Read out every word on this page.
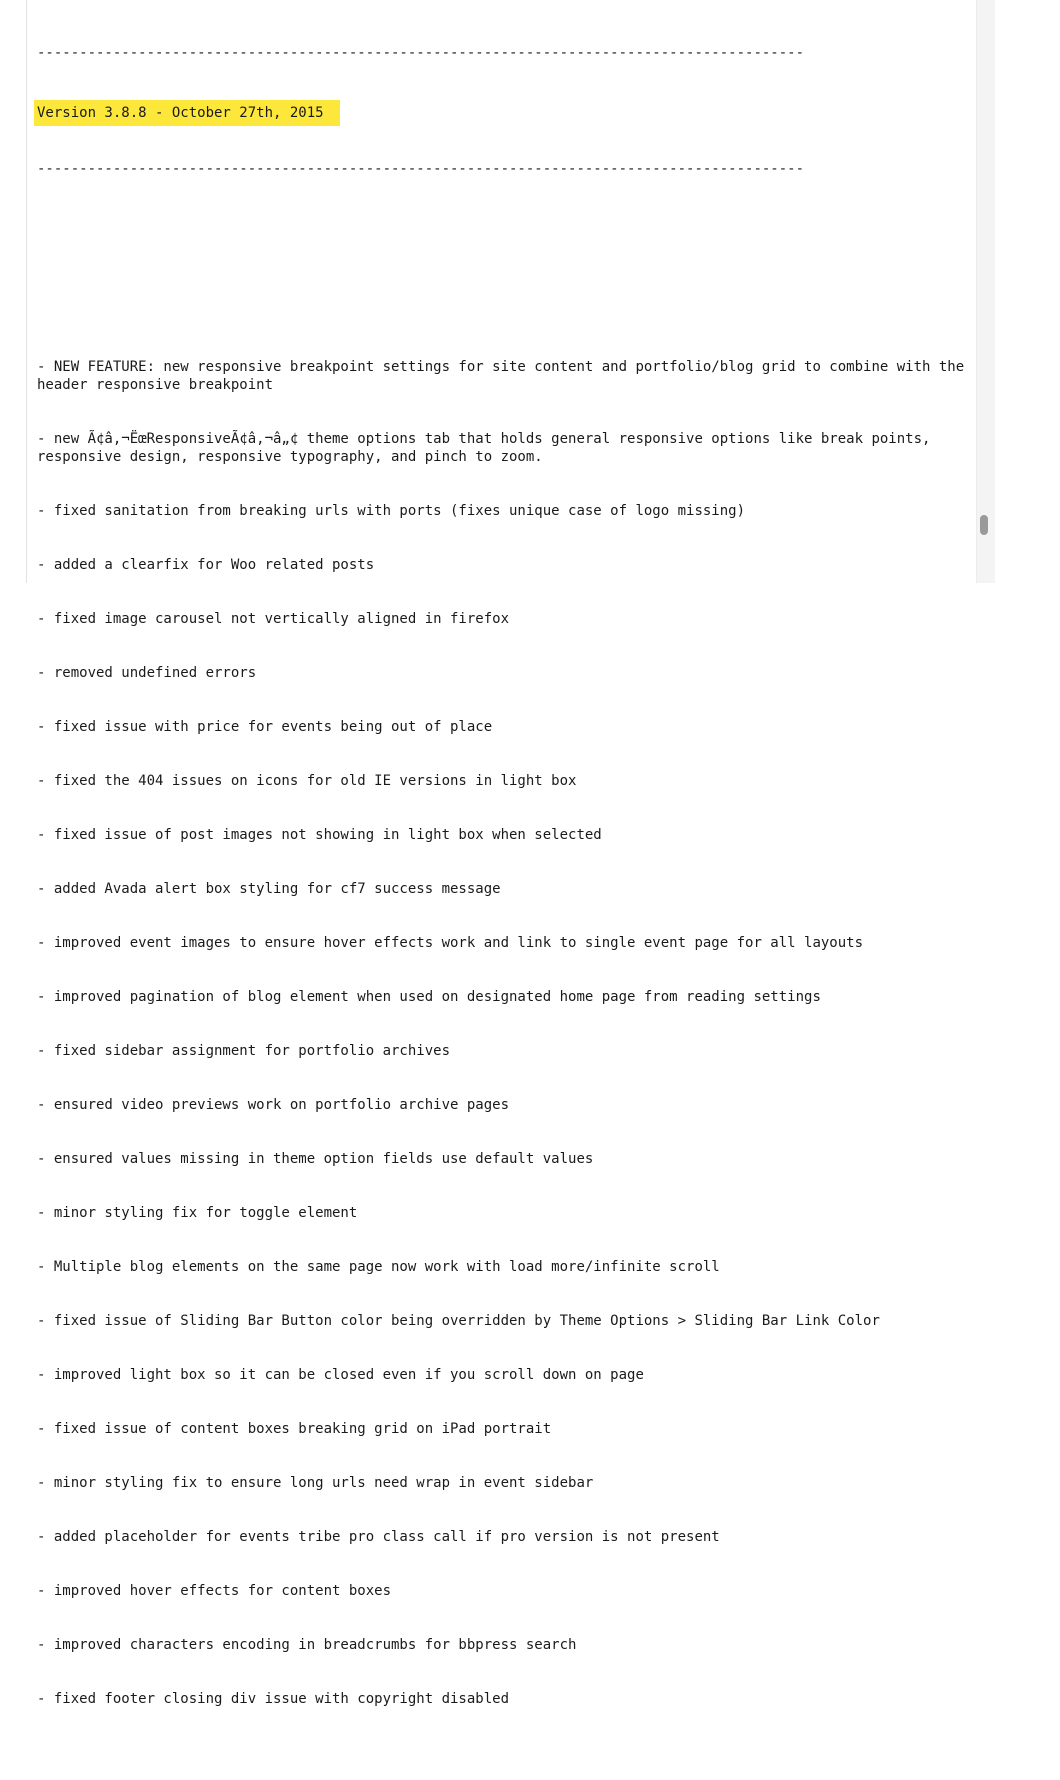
-------------------------------------------------------------------------------------------

Version 3.8.8 - October 27th, 2015

-------------------------------------------------------------------------------------------

- NEW FEATURE: new responsive breakpoint settings for site content and portfolio/blog grid to combine with the header responsive breakpoint

- new Ã¢â‚¬ËœResponsiveÃ¢â‚¬â„¢ theme options tab that holds general responsive options like break points, responsive design, responsive typography, and pinch to zoom.

- fixed sanitation from breaking urls with ports (fixes unique case of logo missing)

- added a clearfix for Woo related posts

- fixed image carousel not vertically aligned in firefox

- removed undefined errors

- fixed issue with price for events being out of place

- fixed the 404 issues on icons for old IE versions in light box

- fixed issue of post images not showing in light box when selected

- added Avada alert box styling for cf7 success message

- improved event images to ensure hover effects work and link to single event page for all layouts

- improved pagination of blog element when used on designated home page from reading settings

- fixed sidebar assignment for portfolio archives

- ensured video previews work on portfolio archive pages

- ensured values missing in theme option fields use default values

- minor styling fix for toggle element

- Multiple blog elements on the same page now work with load more/infinite scroll

- fixed issue of Sliding Bar Button color being overridden by Theme Options > Sliding Bar Link Color

- improved light box so it can be closed even if you scroll down on page

- fixed issue of content boxes breaking grid on iPad portrait

- minor styling fix to ensure long urls need wrap in event sidebar

- added placeholder for events tribe pro class call if pro version is not present

- improved hover effects for content boxes

- improved characters encoding in breadcrumbs for bbpress search

- fixed footer closing div issue with copyright disabled
